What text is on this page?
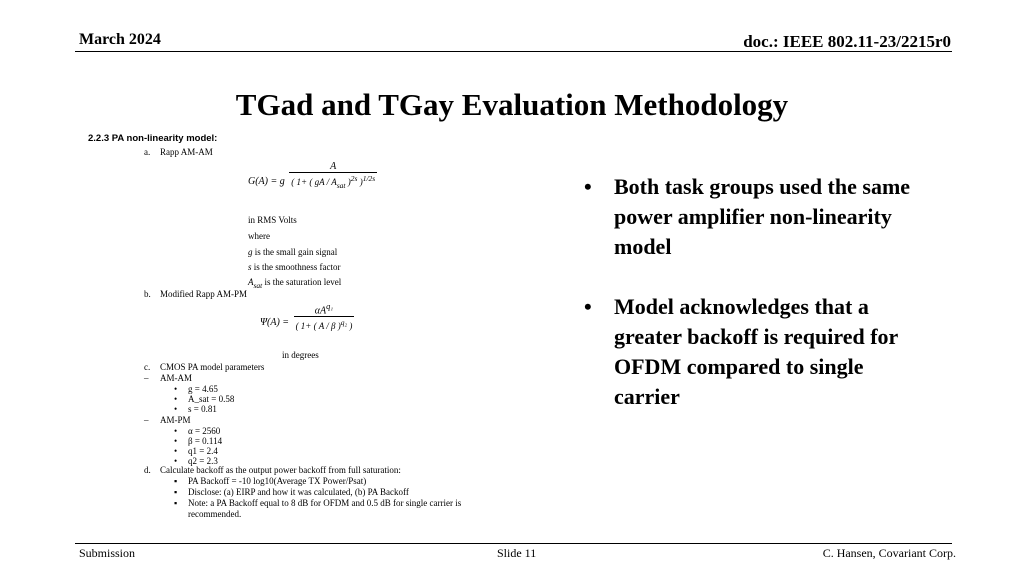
March 2024	doc.: IEEE 802.11-23/2215r0
TGad and TGay Evaluation Methodology
2.2.3 PA non-linearity model:
a. Rapp AM-AM
G(A) = g $\frac{A}{( 1+ ( gA / A_{sat} )^{2s} )^{1/2s}}$
in RMS Volts
where
g is the small gain signal
s is the smoothness factor
$A_{sat}$ is the saturation level
b. Modified Rapp AM-PM
$\Psi(A) = \frac{\alpha A^{q_1}}{( 1+ ( A / \beta )^{q_2} )}$
in degrees
c. CMOS PA model parameters
– AM-AM
• g = 4.65
• A_sat = 0.58
• s = 0.81
– AM-PM
• α = 2560
• β = 0.114
• q1 = 2.4
• q2 = 2.3
d. Calculate backoff as the output power backoff from full saturation:
▪ PA Backoff = -10 log10(Average TX Power/Psat)
▪ Disclose: (a) EIRP and how it was calculated, (b) PA Backoff
▪ Note: a PA Backoff equal to 8 dB for OFDM and 0.5 dB for single carrier is
recommended.
• Both task groups used the same power amplifier non-linearity model
• Model acknowledges that a greater backoff is required for OFDM compared to single carrier
Submission	Slide 11	C. Hansen, Covariant Corp.
